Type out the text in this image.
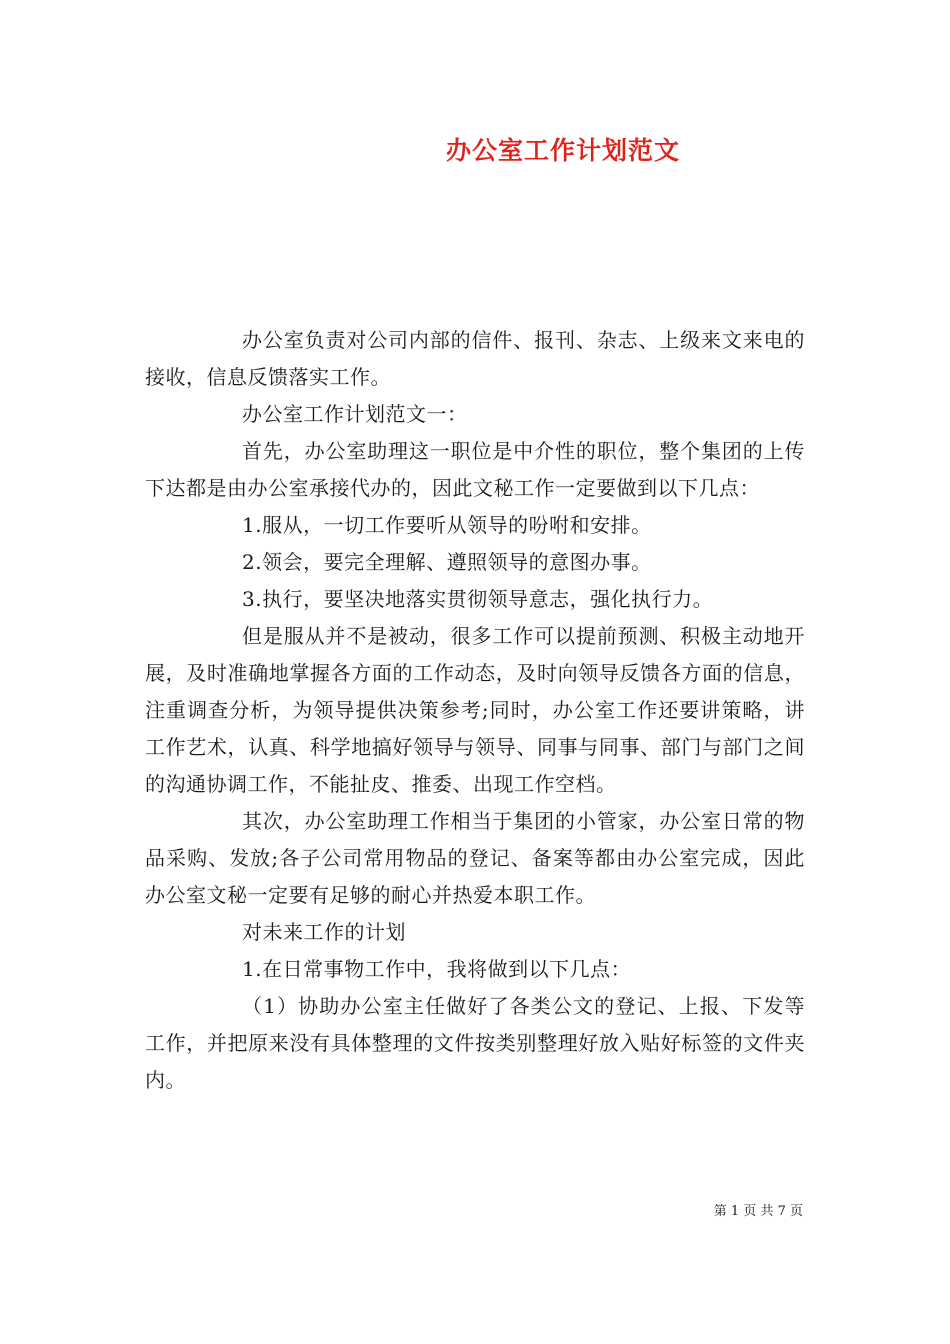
办公室工作计划范文

办公室负责对公司内部的信件、报刊、杂志、上级来文来电的接收，信息反馈落实工作。

办公室工作计划范文一：

首先，办公室助理这一职位是中介性的职位，整个集团的上传下达都是由办公室承接代办的，因此文秘工作一定要做到以下几点：

1.服从，一切工作要听从领导的吩咐和安排。

2.领会，要完全理解、遵照领导的意图办事。

3.执行，要坚决地落实贯彻领导意志，强化执行力。

但是服从并不是被动，很多工作可以提前预测、积极主动地开展，及时准确地掌握各方面的工作动态，及时向领导反馈各方面的信息，注重调查分析，为领导提供决策参考;同时，办公室工作还要讲策略，讲工作艺术，认真、科学地搞好领导与领导、同事与同事、部门与部门之间的沟通协调工作，不能扯皮、推委、出现工作空档。

其次，办公室助理工作相当于集团的小管家，办公室日常的物品采购、发放;各子公司常用物品的登记、备案等都由办公室完成，因此办公室文秘一定要有足够的耐心并热爱本职工作。

对未来工作的计划

1.在日常事物工作中，我将做到以下几点：

（1）协助办公室主任做好了各类公文的登记、上报、下发等工作，并把原来没有具体整理的文件按类别整理好放入贴好标签的文件夹内。

第 1 页 共 7 页
